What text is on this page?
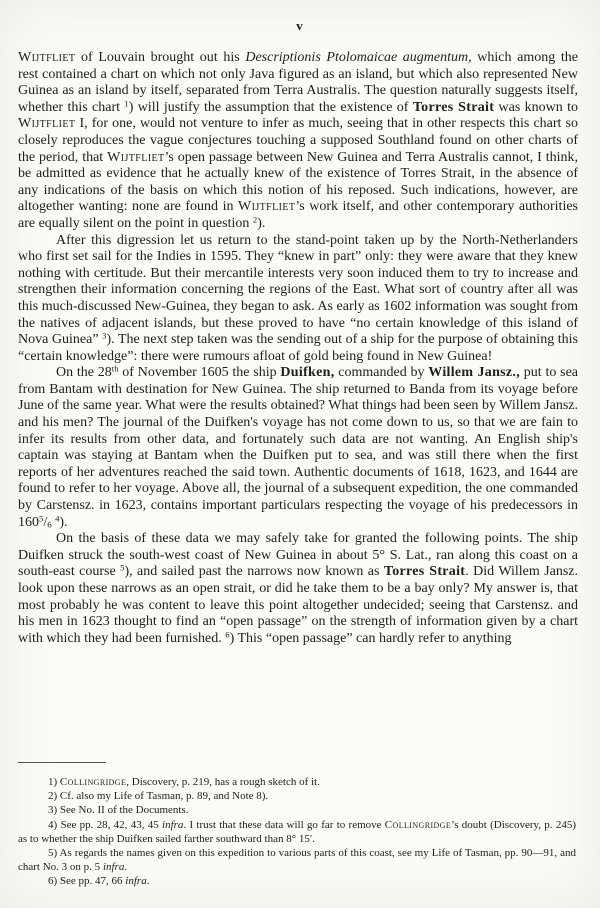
v

Wijtfliet of Louvain brought out his Descriptionis Ptolomaicae augmentum, which among the rest contained a chart on which not only Java figured as an island, but which also represented New Guinea as an island by itself, separated from Terra Australis. The question naturally suggests itself, whether this chart $^1$) will justify the assumption that the existence of Torres Strait was known to Wijtfliet I, for one, would not venture to infer as much, seeing that in other respects this chart so closely reproduces the vague conjectures touching a supposed Southland found on other charts of the period, that Wijtfliet’s open passage between New Guinea and Terra Australis cannot, I think, be admitted as evidence that he actually knew of the existence of Torres Strait, in the absence of any indications of the basis on which this notion of his reposed. Such indications, however, are altogether wanting: none are found in Wijtfliet’s work itself, and other contemporary authorities are equally silent on the point in question $^2$).

After this digression let us return to the stand-point taken up by the North-Netherlanders who first set sail for the Indies in 1595. They “knew in part” only: they were aware that they knew nothing with certitude. But their mercantile interests very soon induced them to try to increase and strengthen their information concerning the regions of the East. What sort of country after all was this much-discussed New-Guinea, they began to ask. As early as 1602 information was sought from the natives of adjacent islands, but these proved to have “no certain knowledge of this island of Nova Guinea” $^3$). The next step taken was the sending out of a ship for the purpose of obtaining this “certain knowledge”: there were rumours afloat of gold being found in New Guinea!

On the 28th of November 1605 the ship Duifken, commanded by Willem Jansz., put to sea from Bantam with destination for New Guinea. The ship returned to Banda from its voyage before June of the same year. What were the results obtained? What things had been seen by Willem Jansz. and his men? The journal of the Duifken's voyage has not come down to us, so that we are fain to infer its results from other data, and fortunately such data are not wanting. An English ship's captain was staying at Bantam when the Duifken put to sea, and was still there when the first reports of her adventures reached the said town. Authentic documents of 1618, 1623, and 1644 are found to refer to her voyage. Above all, the journal of a subsequent expedition, the one commanded by Carstensz. in 1623, contains important particulars respecting the voyage of his predecessors in $160^5/6$ $^4$).

On the basis of these data we may safely take for granted the following points. The ship Duifken struck the south-west coast of New Guinea in about 5° S. Lat., ran along this coast on a south-east course $^5$), and sailed past the narrows now known as Torres Strait. Did Willem Jansz. look upon these narrows as an open strait, or did he take them to be a bay only? My answer is, that most probably he was content to leave this point altogether undecided; seeing that Carstensz. and his men in 1623 thought to find an “open passage” on the strength of information given by a chart with which they had been furnished. $^6$) This “open passage” can hardly refer to anything

1) Collingridge, Discovery, p. 219, has a rough sketch of it.

2) Cf. also my Life of Tasman, p. 89, and Note 8).

3) See No. II of the Documents.

4) See pp. 28, 42, 43, 45 infra. I trust that these data will go far to remove Collingridge’s doubt (Discovery, p. 245) as to whether the ship Duifken sailed farther southward than 8° 15′.

5) As regards the names given on this expedition to various parts of this coast, see my Life of Tasman, pp. 90—91, and chart No. 3 on p. 5 infra.

6) See pp. 47, 66 infra.
